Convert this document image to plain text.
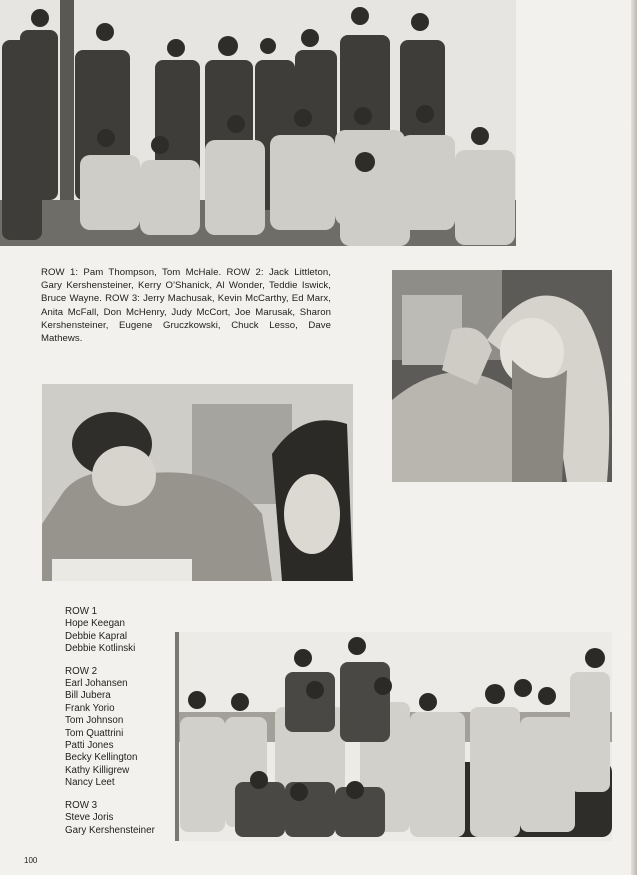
ROW 1: Pam Thompson, Tom McHale. ROW 2: Jack Littleton, Gary Kershensteiner, Kerry O'Shanick, Al Wonder, Teddie Iswick, Bruce Wayne. ROW 3: Jerry Machusak, Kevin McCarthy, Ed Marx, Anita McFall, Don McHenry, Judy McCort, Joe Marusak, Sharon Kershensteiner, Eugene Gruczkowski, Chuck Lesso, Dave Mathews.
ROW 1
Hope Keegan
Debbie Kapral
Debbie Kotlinski
ROW 2
Earl Johansen
Bill Jubera
Frank Yorio
Tom Johnson
Tom Quattrini
Patti Jones
Becky Kellington
Kathy Killigrew
Nancy Leet
ROW 3
Steve Joris
Gary Kershensteiner
100
